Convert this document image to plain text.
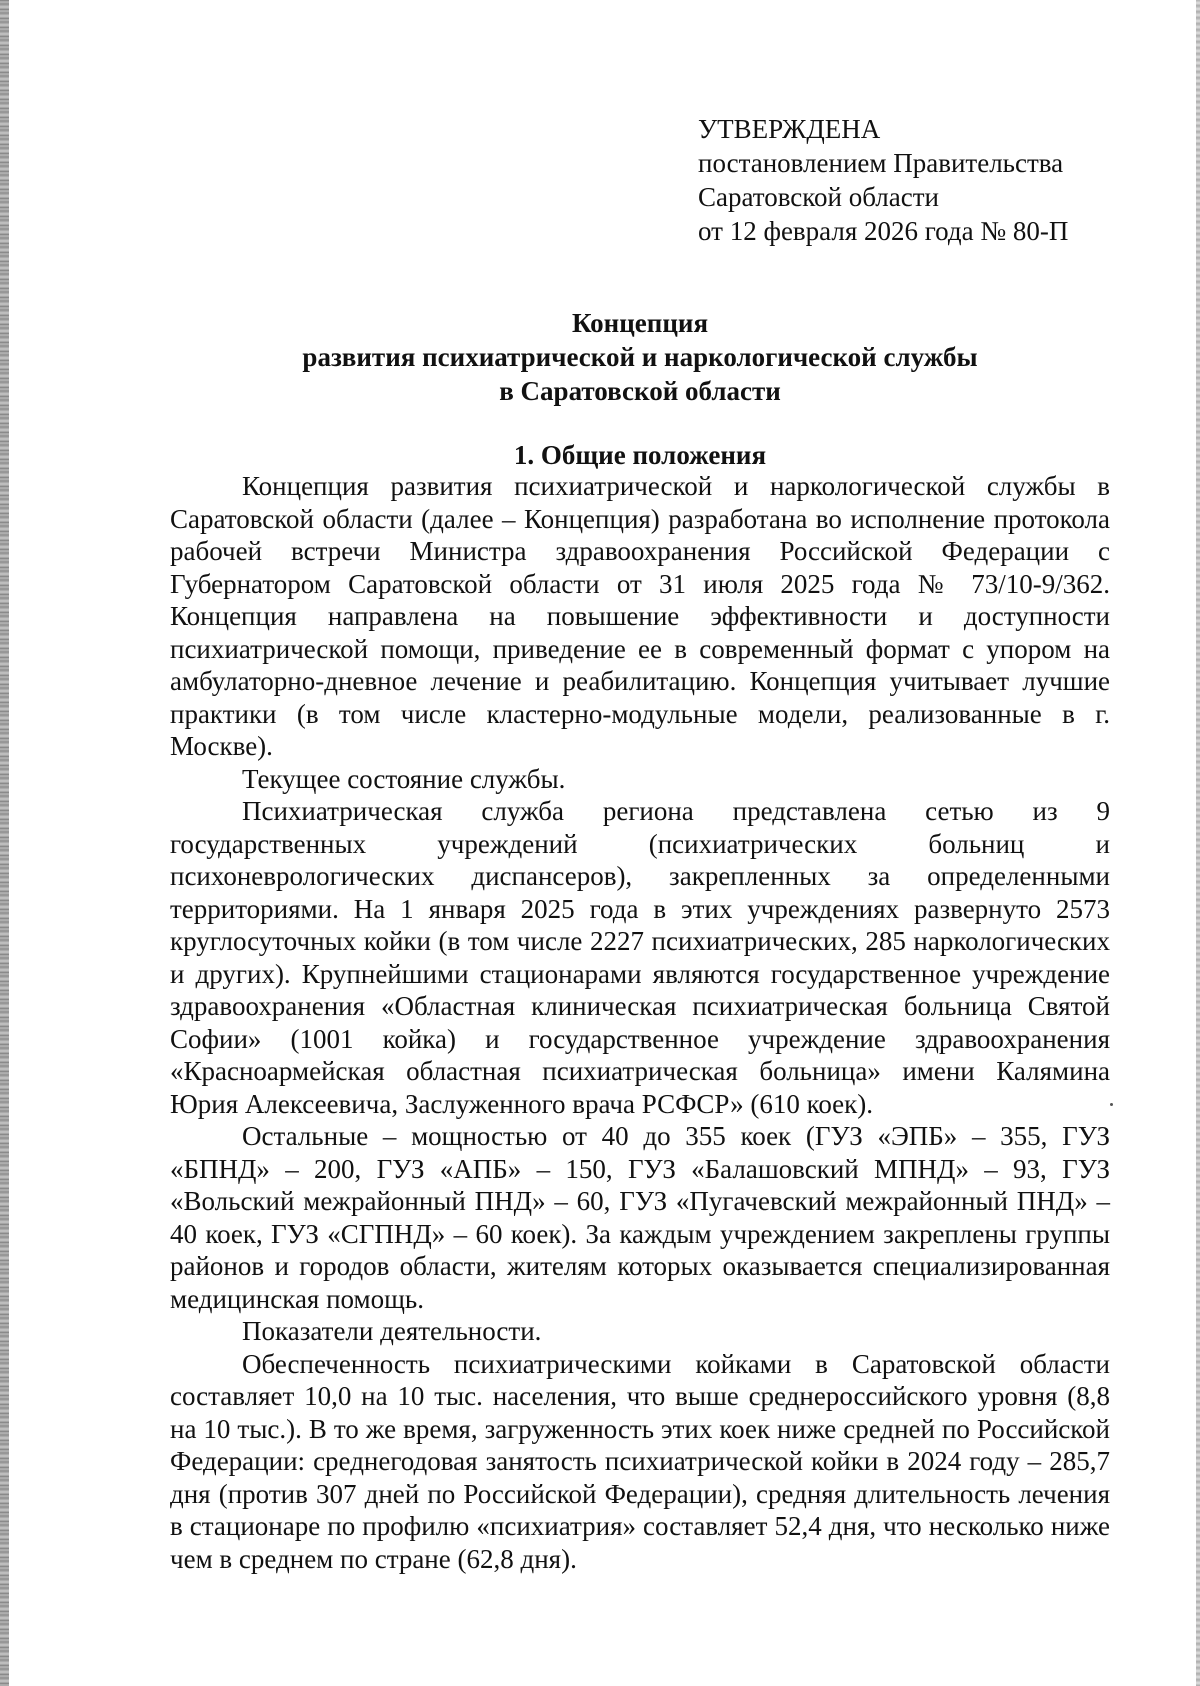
УТВЕРЖДЕНА
постановлением Правительства
Саратовской области
от 12 февраля 2026 года № 80-П
Концепция
развития психиатрической и наркологической службы
в Саратовской области
1. Общие положения

Концепция развития психиатрической и наркологической службы в Саратовской области (далее – Концепция) разработана во исполнение протокола рабочей встречи Министра здравоохранения Российской Федерации с Губернатором Саратовской области от 31 июля 2025 года № 73/10-9/362. Концепция направлена на повышение эффективности и доступности психиатрической помощи, приведение ее в современный формат с упором на амбулаторно-дневное лечение и реабилитацию. Концепция учитывает лучшие практики (в том числе кластерно-модульные модели, реализованные в г. Москве).

Текущее состояние службы.

Психиатрическая служба региона представлена сетью из 9 государственных учреждений (психиатрических больниц и психоневрологических диспансеров), закрепленных за определенными территориями. На 1 января 2025 года в этих учреждениях развернуто 2573 круглосуточных койки (в том числе 2227 психиатрических, 285 наркологических и других). Крупнейшими стационарами являются государственное учреждение здравоохранения «Областная клиническая психиатрическая больница Святой Софии» (1001 койка) и государственное учреждение здравоохранения «Красноармейская областная психиатрическая больница» имени Калямина Юрия Алексеевича, Заслуженного врача РСФСР» (610 коек).

Остальные – мощностью от 40 до 355 коек (ГУЗ «ЭПБ» – 355, ГУЗ «БПНД» – 200, ГУЗ «АПБ» – 150, ГУЗ «Балашовский МПНД» – 93, ГУЗ «Вольский межрайонный ПНД» – 60, ГУЗ «Пугачевский межрайонный ПНД» – 40 коек, ГУЗ «СГПНД» – 60 коек). За каждым учреждением закреплены группы районов и городов области, жителям которых оказывается специализированная медицинская помощь.

Показатели деятельности.

Обеспеченность психиатрическими койками в Саратовской области составляет 10,0 на 10 тыс. населения, что выше среднероссийского уровня (8,8 на 10 тыс.). В то же время, загруженность этих коек ниже средней по Российской Федерации: среднегодовая занятость психиатрической койки в 2024 году – 285,7 дня (против 307 дней по Российской Федерации), средняя длительность лечения в стационаре по профилю «психиатрия» составляет 52,4 дня, что несколько ниже чем в среднем по стране (62,8 дня).
